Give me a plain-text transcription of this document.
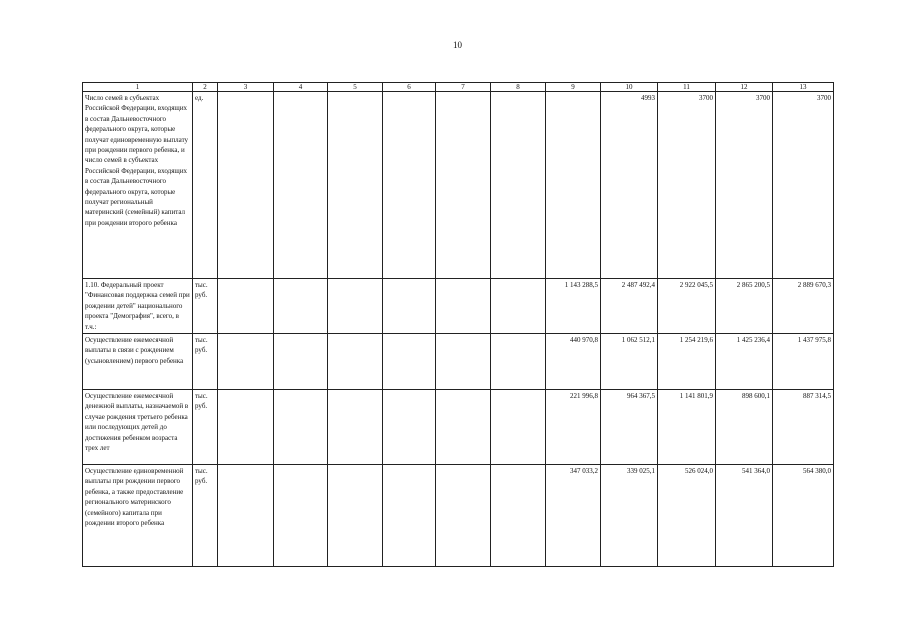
10
1	2	3	4	5	6	7	8	9	10	11	12	13
Число семей в субъектах Российской Федерации, входящих в состав Дальневосточного федерального округа, которые получат единовременную выплату при рождении первого ребенка, и число семей в субъектах Российской Федерации, входящих в состав Дальневосточного федерального округа, которые получат региональный материнский (семейный) капитал при рождении второго ребенка	ед.								4993	3700	3700	3700
1.10. Федеральный проект "Финансовая поддержка семей при рождении детей" национального проекта "Демография", всего, в т.ч.:	тыс. руб.							1 143 288,5	2 487 492,4	2 922 045,5	2 865 200,5	2 889 670,3
Осуществление ежемесячной выплаты в связи с рождением (усыновлением) первого ребенка	тыс. руб.							440 970,8	1 062 512,1	1 254 219,6	1 425 236,4	1 437 975,8
Осуществление ежемесячной денежной выплаты, назначаемой в случае рождения третьего ребенка или последующих детей до достижения ребенком возраста трех лет	тыс. руб.							221 996,8	964 367,5	1 141 801,9	898 600,1	887 314,5
Осуществление единовременной выплаты при рождении первого ребенка, а также предоставление регионального материнского (семейного) капитала при рождении второго ребенка	тыс. руб.							347 033,2	339 025,1	526 024,0	541 364,0	564 380,0
